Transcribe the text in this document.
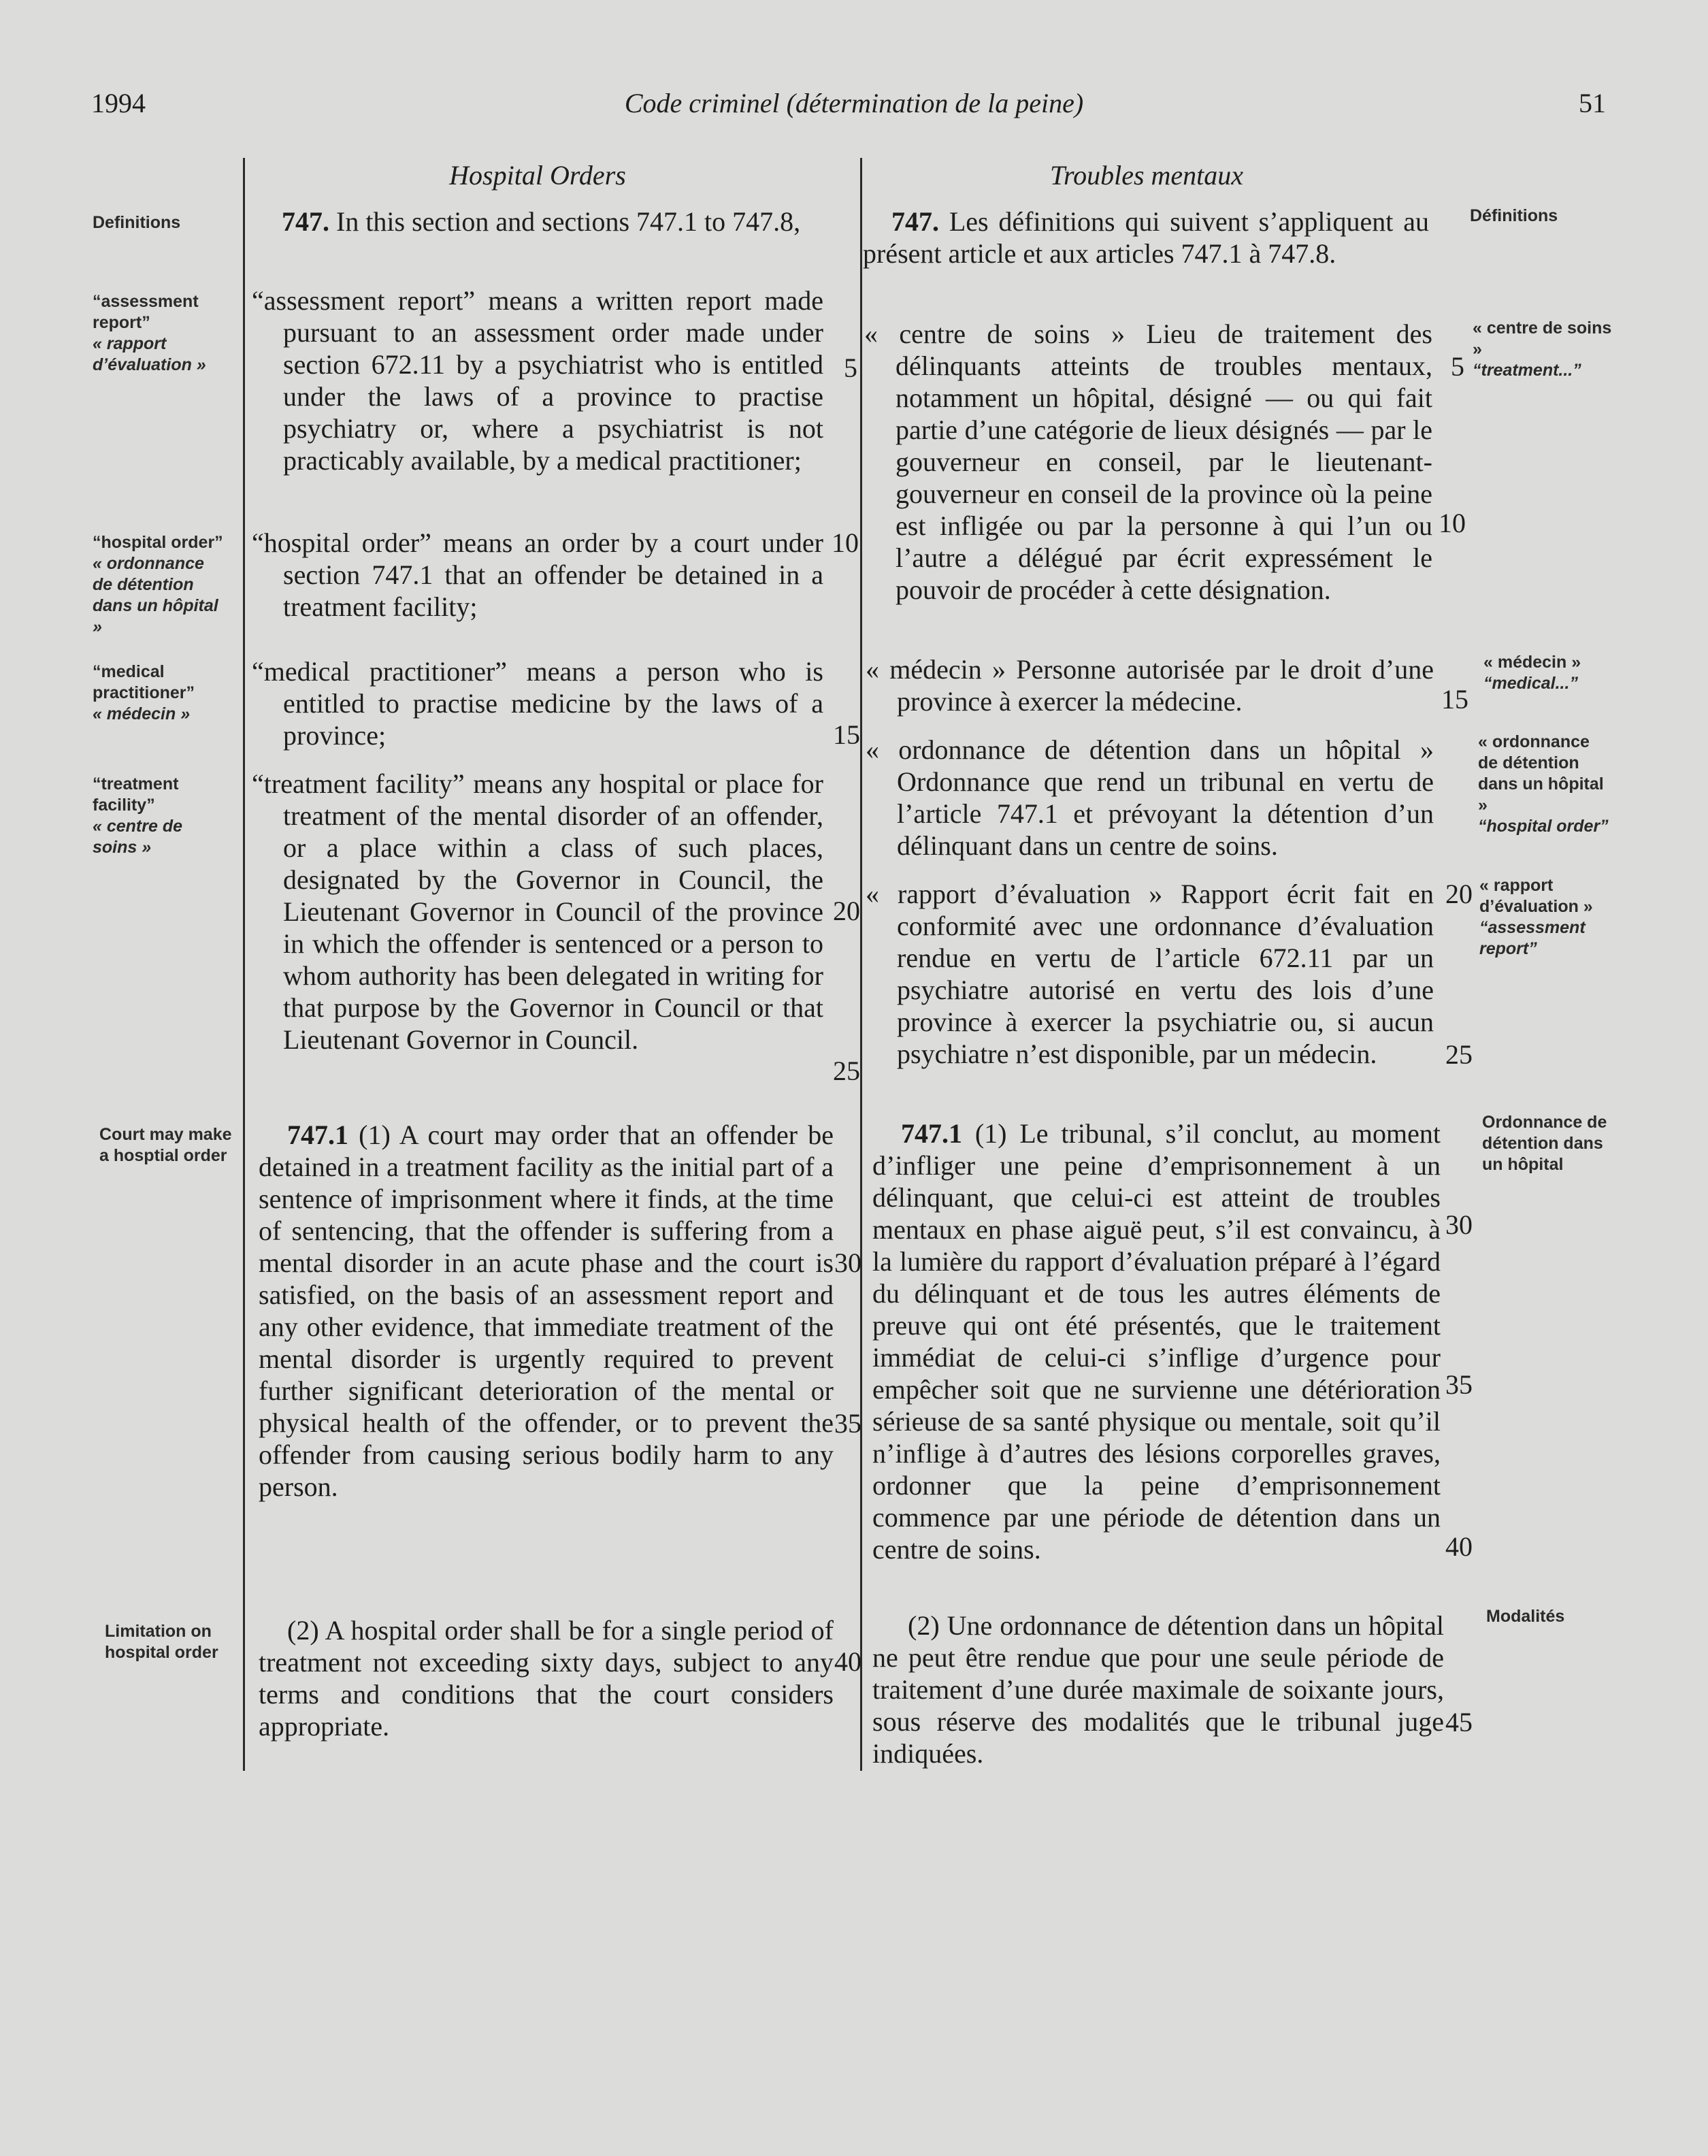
Code criminel (détermination de la peine)
1994	51
Hospital Orders
Definitions
“assessment report”
« rapport d’évaluation »
“hospital order”
« ordonnance de détention dans un hôpital »
“medical practitioner”
« médecin »
“treatment facility”
« centre de soins »
Court may make a hosptial order
Limitation on hospital order

747. In this section and sections 747.1 to 747.8,

“assessment report” means a written report made pursuant to an assessment order made under section 672.11 by a psychiatrist who is entitled under the laws of a province to practise psychiatry or, where a psychiatrist is not practicably available, by a medical practitioner;

“hospital order” means an order by a court under section 747.1 that an offender be detained in a treatment facility;

“medical practitioner” means a person who is entitled to practise medicine by the laws of a province;

“treatment facility” means any hospital or place for treatment of the mental disorder of an offender, or a place within a class of such places, designated by the Governor in Council, the Lieutenant Governor in Council of the province in which the offender is sentenced or a person to whom authority has been delegated in writing for that purpose by the Governor in Council or that Lieutenant Governor in Council.

747.1 (1) A court may order that an offender be detained in a treatment facility as the initial part of a sentence of imprisonment where it finds, at the time of sentencing, that the offender is suffering from a mental disorder in an acute phase and the court is satisfied, on the basis of an assessment report and any other evidence, that immediate treatment of the mental disorder is urgently required to prevent further significant deterioration of the mental or physical health of the offender, or to prevent the offender from causing serious bodily harm to any person.

(2) A hospital order shall be for a single period of treatment not exceeding sixty days, subject to any terms and conditions that the court considers appropriate.

5
10
15
20
25
30
35
40
Troubles mentaux

747. Les définitions qui suivent s’appliquent au présent article et aux articles 747.1 à 747.8.

« centre de soins » Lieu de traitement des délinquants atteints de troubles mentaux, notamment un hôpital, désigné — ou qui fait partie d’une catégorie de lieux désignés — par le gouverneur en conseil, par le lieutenant-gouverneur en conseil de la province où la peine est infligée ou par la personne à qui l’un ou l’autre a délégué par écrit expressément le pouvoir de procéder à cette désignation.

« médecin » Personne autorisée par le droit d’une province à exercer la médecine.

« ordonnance de détention dans un hôpital » Ordonnance que rend un tribunal en vertu de l’article 747.1 et prévoyant la détention d’un délinquant dans un centre de soins.

« rapport d’évaluation » Rapport écrit fait en conformité avec une ordonnance d’évaluation rendue en vertu de l’article 672.11 par un psychiatre autorisé en vertu des lois d’une province à exercer la psychiatrie ou, si aucun psychiatre n’est disponible, par un médecin.

747.1 (1) Le tribunal, s’il conclut, au moment d’infliger une peine d’emprisonnement à un délinquant, que celui-ci est atteint de troubles mentaux en phase aiguë peut, s’il est convaincu, à la lumière du rapport d’évaluation préparé à l’égard du délinquant et de tous les autres éléments de preuve qui ont été présentés, que le traitement immédiat de celui-ci s’inflige d’urgence pour empêcher soit que ne survienne une détérioration sérieuse de sa santé physique ou mentale, soit qu’il n’inflige à d’autres des lésions corporelles graves, ordonner que la peine d’emprisonnement commence par une période de détention dans un centre de soins.

(2) Une ordonnance de détention dans un hôpital ne peut être rendue que pour une seule période de traitement d’une durée maximale de soixante jours, sous réserve des modalités que le tribunal juge indiquées.

5
10
15
20
25
30
35
40
45
Définitions
« centre de soins »
“treatment...”
« médecin »
“medical...”
« ordonnance de détention dans un hôpital »
“hospital order”
« rapport d’évaluation »
“assessment report”
Ordonnance de détention dans un hôpital
Modalités
